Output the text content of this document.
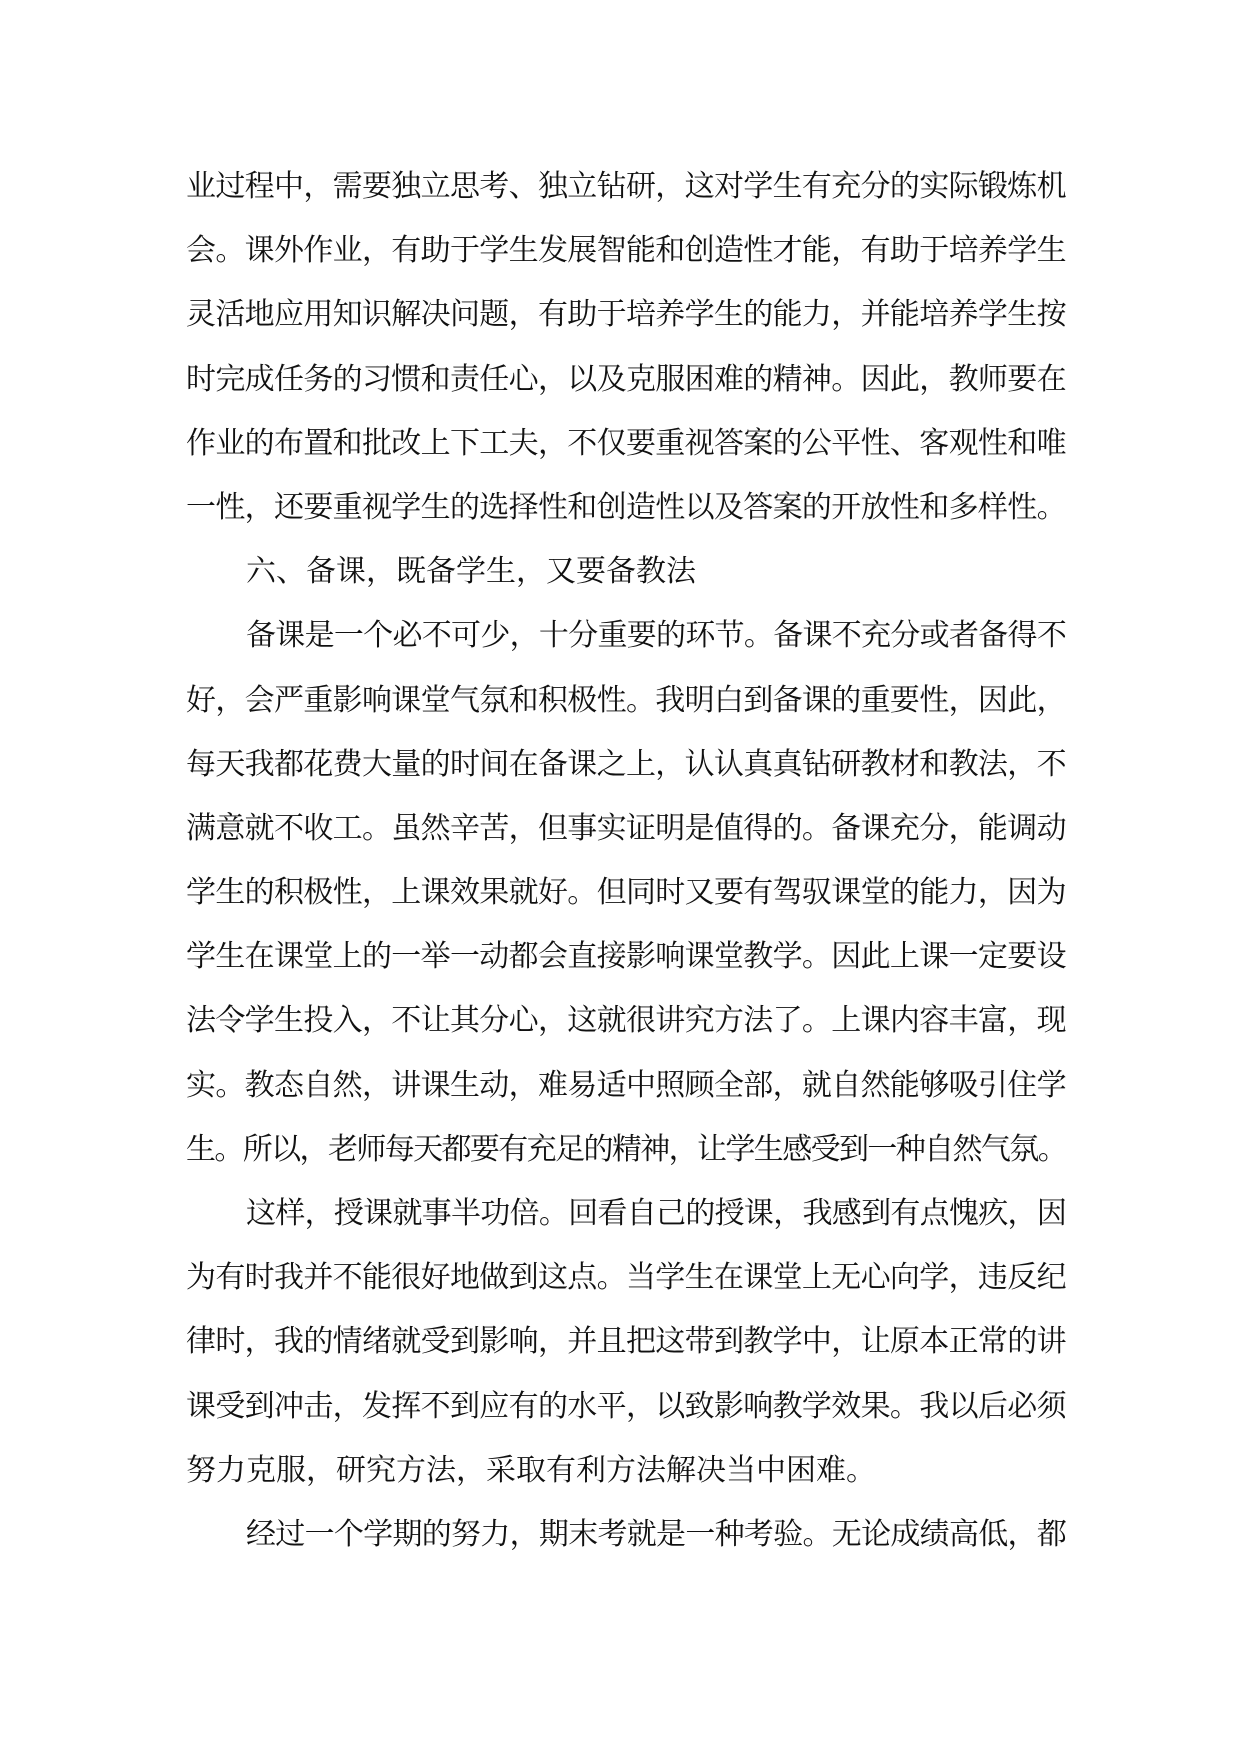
业过程中，需要独立思考、独立钻研，这对学生有充分的实际锻炼机
会。课外作业，有助于学生发展智能和创造性才能，有助于培养学生
灵活地应用知识解决问题，有助于培养学生的能力，并能培养学生按
时完成任务的习惯和责任心，以及克服困难的精神。因此，教师要在
作业的布置和批改上下工夫，不仅要重视答案的公平性、客观性和唯
一性，还要重视学生的选择性和创造性以及答案的开放性和多样性。
六、备课，既备学生，又要备教法
备课是一个必不可少，十分重要的环节。备课不充分或者备得不
好，会严重影响课堂气氛和积极性。我明白到备课的重要性，因此，
每天我都花费大量的时间在备课之上，认认真真钻研教材和教法，不
满意就不收工。虽然辛苦，但事实证明是值得的。备课充分，能调动
学生的积极性，上课效果就好。但同时又要有驾驭课堂的能力，因为
学生在课堂上的一举一动都会直接影响课堂教学。因此上课一定要设
法令学生投入，不让其分心，这就很讲究方法了。上课内容丰富，现
实。教态自然，讲课生动，难易适中照顾全部，就自然能够吸引住学
生。所以，老师每天都要有充足的精神，让学生感受到一种自然气氛。
这样，授课就事半功倍。回看自己的授课，我感到有点愧疚，因
为有时我并不能很好地做到这点。当学生在课堂上无心向学，违反纪
律时，我的情绪就受到影响，并且把这带到教学中，让原本正常的讲
课受到冲击，发挥不到应有的水平，以致影响教学效果。我以后必须
努力克服，研究方法，采取有利方法解决当中困难。
经过一个学期的努力，期末考就是一种考验。无论成绩高低，都
